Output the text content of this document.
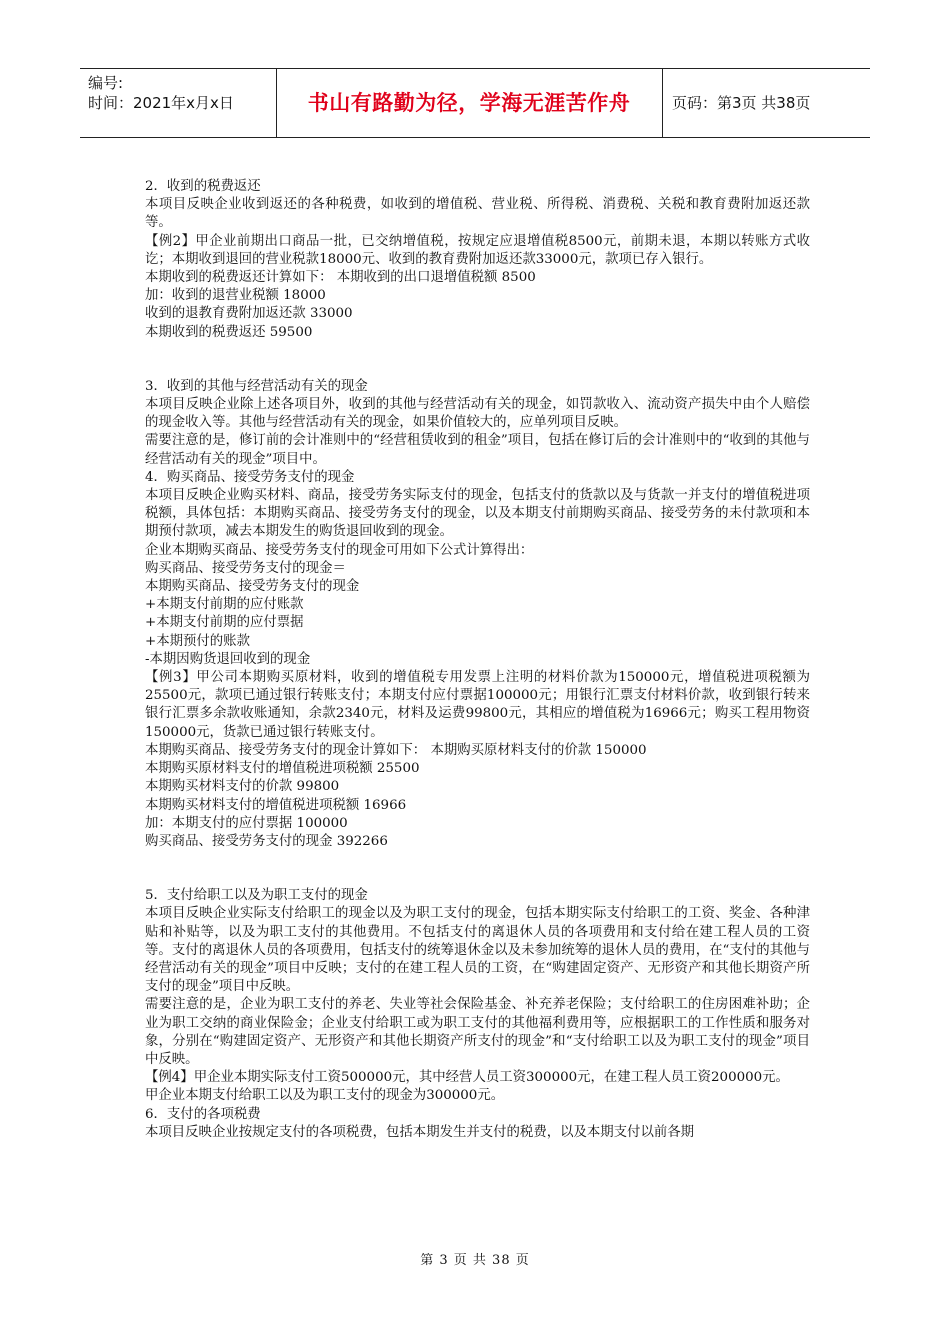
编号:
时间：2021年x月x日	书山有路勤为径，学海无涯苦作舟	页码：第3页 共38页

2．收到的税费返还

本项目反映企业收到返还的各种税费，如收到的增值税、营业税、所得税、消费税、关税和教育费附加返还款等。

【例2】甲企业前期出口商品一批，已交纳增值税，按规定应退增值税8500元，前期未退，本期以转账方式收讫；本期收到退回的营业税款18000元、收到的教育费附加返还款33000元，款项已存入银行。

本期收到的税费返还计算如下： 本期收到的出口退增值税额 8500

加：收到的退营业税额 18000

收到的退教育费附加返还款 33000

本期收到的税费返还 59500

3．收到的其他与经营活动有关的现金

本项目反映企业除上述各项目外，收到的其他与经营活动有关的现金，如罚款收入、流动资产损失中由个人赔偿的现金收入等。其他与经营活动有关的现金，如果价值较大的，应单列项目反映。

需要注意的是，修订前的会计准则中的“经营租赁收到的租金”项目，包括在修订后的会计准则中的“收到的其他与经营活动有关的现金”项目中。

4．购买商品、接受劳务支付的现金

本项目反映企业购买材料、商品，接受劳务实际支付的现金，包括支付的货款以及与货款一并支付的增值税进项税额，具体包括：本期购买商品、接受劳务支付的现金，以及本期支付前期购买商品、接受劳务的未付款项和本期预付款项，减去本期发生的购货退回收到的现金。

企业本期购买商品、接受劳务支付的现金可用如下公式计算得出：

购买商品、接受劳务支付的现金＝

本期购买商品、接受劳务支付的现金

+本期支付前期的应付账款

+本期支付前期的应付票据

+本期预付的账款

-本期因购货退回收到的现金

【例3】甲公司本期购买原材料，收到的增值税专用发票上注明的材料价款为150000元，增值税进项税额为25500元，款项已通过银行转账支付；本期支付应付票据100000元；用银行汇票支付材料价款，收到银行转来银行汇票多余款收账通知，余款2340元，材料及运费99800元，其相应的增值税为16966元；购买工程用物资150000元，货款已通过银行转账支付。

本期购买商品、接受劳务支付的现金计算如下： 本期购买原材料支付的价款 150000

本期购买原材料支付的增值税进项税额 25500

本期购买材料支付的价款 99800

本期购买材料支付的增值税进项税额 16966

加：本期支付的应付票据 100000

购买商品、接受劳务支付的现金 392266

5．支付给职工以及为职工支付的现金

本项目反映企业实际支付给职工的现金以及为职工支付的现金，包括本期实际支付给职工的工资、奖金、各种津贴和补贴等，以及为职工支付的其他费用。不包括支付的离退休人员的各项费用和支付给在建工程人员的工资等。支付的离退休人员的各项费用，包括支付的统筹退休金以及未参加统筹的退休人员的费用，在“支付的其他与经营活动有关的现金”项目中反映；支付的在建工程人员的工资，在“购建固定资产、无形资产和其他长期资产所支付的现金”项目中反映。

需要注意的是，企业为职工支付的养老、失业等社会保险基金、补充养老保险；支付给职工的住房困难补助；企业为职工交纳的商业保险金；企业支付给职工或为职工支付的其他福利费用等，应根据职工的工作性质和服务对象，分别在“购建固定资产、无形资产和其他长期资产所支付的现金”和“支付给职工以及为职工支付的现金”项目中反映。

【例4】甲企业本期实际支付工资500000元，其中经营人员工资300000元，在建工程人员工资200000元。

甲企业本期支付给职工以及为职工支付的现金为300000元。

6．支付的各项税费

本项目反映企业按规定支付的各项税费，包括本期发生并支付的税费，以及本期支付以前各期

第 3 页 共 38 页
